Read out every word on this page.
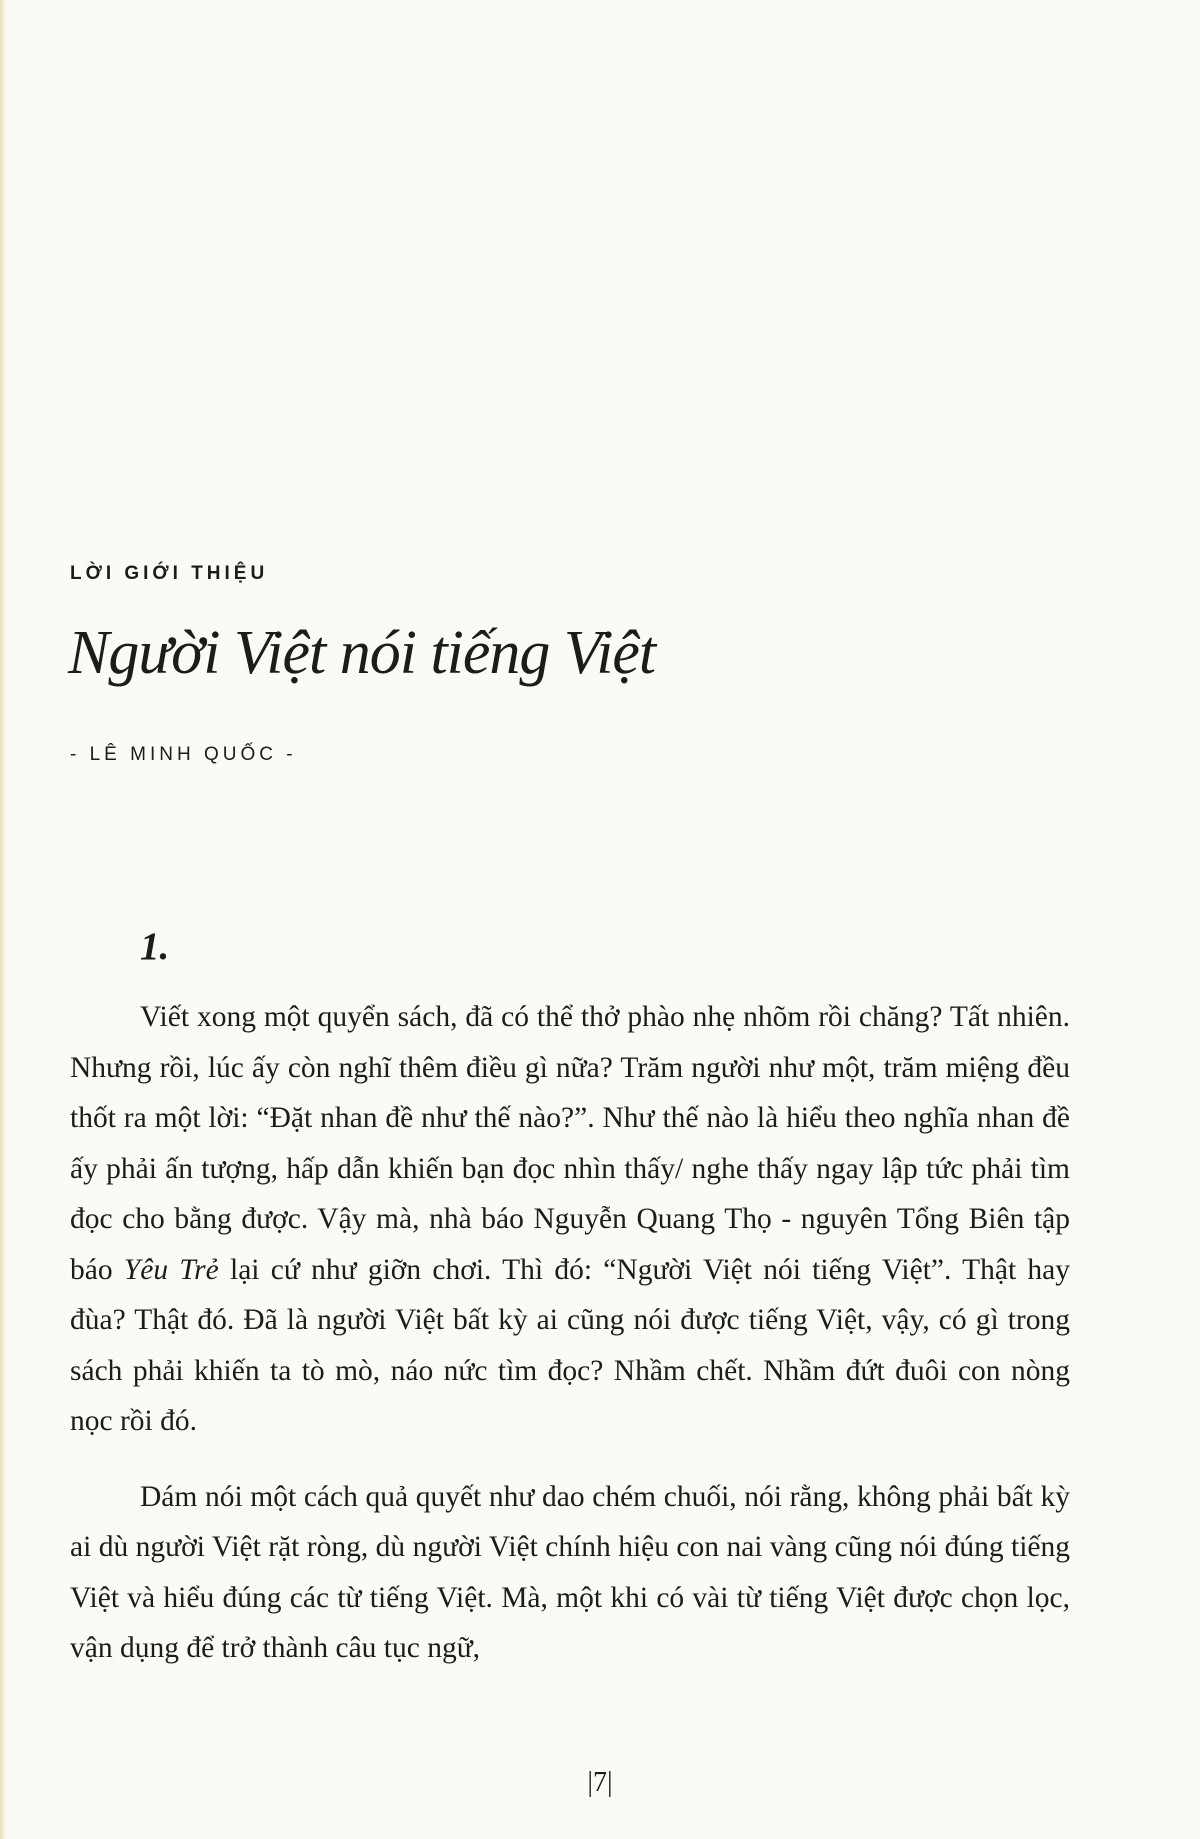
LỜI GIỚI THIỆU
Người Việt nói tiếng Việt
- LÊ MINH QUỐC -
1.

Viết xong một quyển sách, đã có thể thở phào nhẹ nhõm rồi chăng? Tất nhiên. Nhưng rồi, lúc ấy còn nghĩ thêm điều gì nữa? Trăm người như một, trăm miệng đều thốt ra một lời: “Đặt nhan đề như thế nào?”. Như thế nào là hiểu theo nghĩa nhan đề ấy phải ấn tượng, hấp dẫn khiến bạn đọc nhìn thấy/ nghe thấy ngay lập tức phải tìm đọc cho bằng được. Vậy mà, nhà báo Nguyễn Quang Thọ - nguyên Tổng Biên tập báo Yêu Trẻ lại cứ như giỡn chơi. Thì đó: “Người Việt nói tiếng Việt”. Thật hay đùa? Thật đó. Đã là người Việt bất kỳ ai cũng nói được tiếng Việt, vậy, có gì trong sách phải khiến ta tò mò, náo nức tìm đọc? Nhầm chết. Nhầm đứt đuôi con nòng nọc rồi đó.

Dám nói một cách quả quyết như dao chém chuối, nói rằng, không phải bất kỳ ai dù người Việt rặt ròng, dù người Việt chính hiệu con nai vàng cũng nói đúng tiếng Việt và hiểu đúng các từ tiếng Việt. Mà, một khi có vài từ tiếng Việt được chọn lọc, vận dụng để trở thành câu tục ngữ,

|7|
